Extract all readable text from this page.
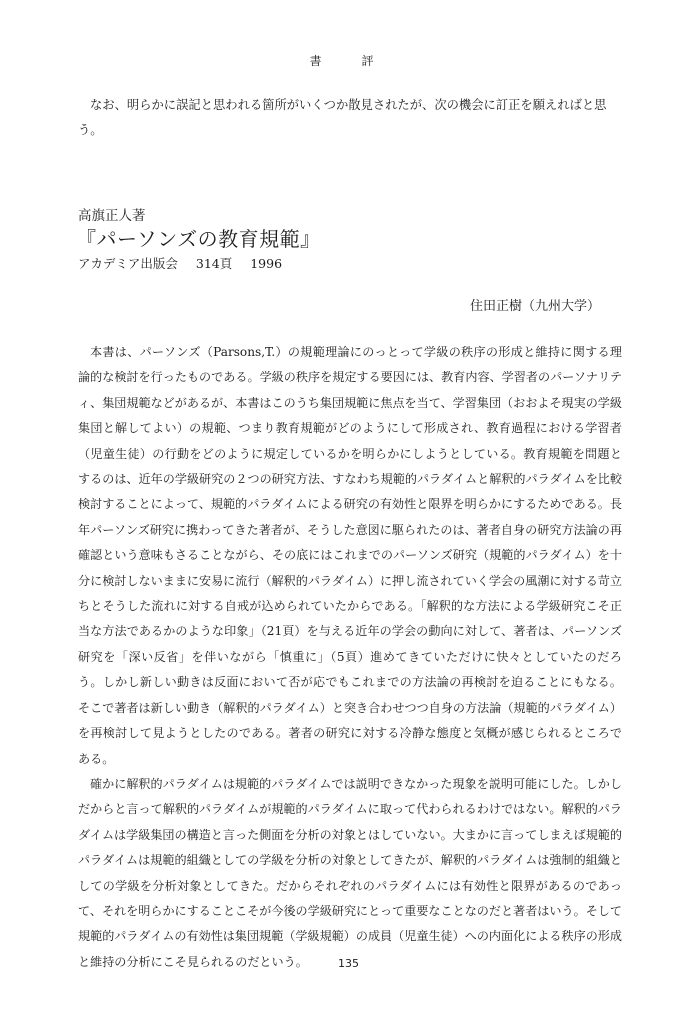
書　評

なお、明らかに誤記と思われる箇所がいくつか散見されたが、次の機会に訂正を願えればと思う。

高旗正人著
『パーソンズの教育規範』
アカデミア出版会 314頁 1996
住田正樹（九州大学）

本書は、パーソンズ（Parsons,T.）の規範理論にのっとって学級の秩序の形成と維持に関する理論的な検討を行ったものである。学級の秩序を規定する要因には、教育内容、学習者のパーソナリティ、集団規範などがあるが、本書はこのうち集団規範に焦点を当て、学習集団（おおよそ現実の学級集団と解してよい）の規範、つまり教育規範がどのようにして形成され、教育過程における学習者（児童生徒）の行動をどのように規定しているかを明らかにしようとしている。教育規範を問題とするのは、近年の学級研究の２つの研究方法、すなわち規範的パラダイムと解釈的パラダイムを比較検討することによって、規範的パラダイムによる研究の有効性と限界を明らかにするためである。長年パーソンズ研究に携わってきた著者が、そうした意図に駆られたのは、著者自身の研究方法論の再確認という意味もさることながら、その底にはこれまでのパーソンズ研究（規範的パラダイム）を十分に検討しないままに安易に流行（解釈的パラダイム）に押し流されていく学会の風潮に対する苛立ちとそうした流れに対する自戒が込められていたからである。「解釈的な方法による学級研究こそ正当な方法であるかのような印象」（21頁）を与える近年の学会の動向に対して、著者は、パーソンズ研究を「深い反省」を伴いながら「慎重に」（5頁）進めてきていただけに快々としていたのだろう。しかし新しい動きは反面において否が応でもこれまでの方法論の再検討を迫ることにもなる。そこで著者は新しい動き（解釈的パラダイム）と突き合わせつつ自身の方法論（規範的パラダイム）を再検討して見ようとしたのである。著者の研究に対する冷静な態度と気概が感じられるところである。

確かに解釈的パラダイムは規範的パラダイムでは説明できなかった現象を説明可能にした。しかしだからと言って解釈的パラダイムが規範的パラダイムに取って代わられるわけではない。解釈的パラダイムは学級集団の構造と言った側面を分析の対象とはしていない。大まかに言ってしまえば規範的パラダイムは規範的組織としての学級を分析の対象としてきたが、解釈的パラダイムは強制的組織としての学級を分析対象としてきた。だからそれぞれのパラダイムには有効性と限界があるのであって、それを明らかにすることこそが今後の学級研究にとって重要なことなのだと著者はいう。そして規範的パラダイムの有効性は集団規範（学級規範）の成員（児童生徒）への内面化による秩序の形成と維持の分析にこそ見られるのだという。	135
